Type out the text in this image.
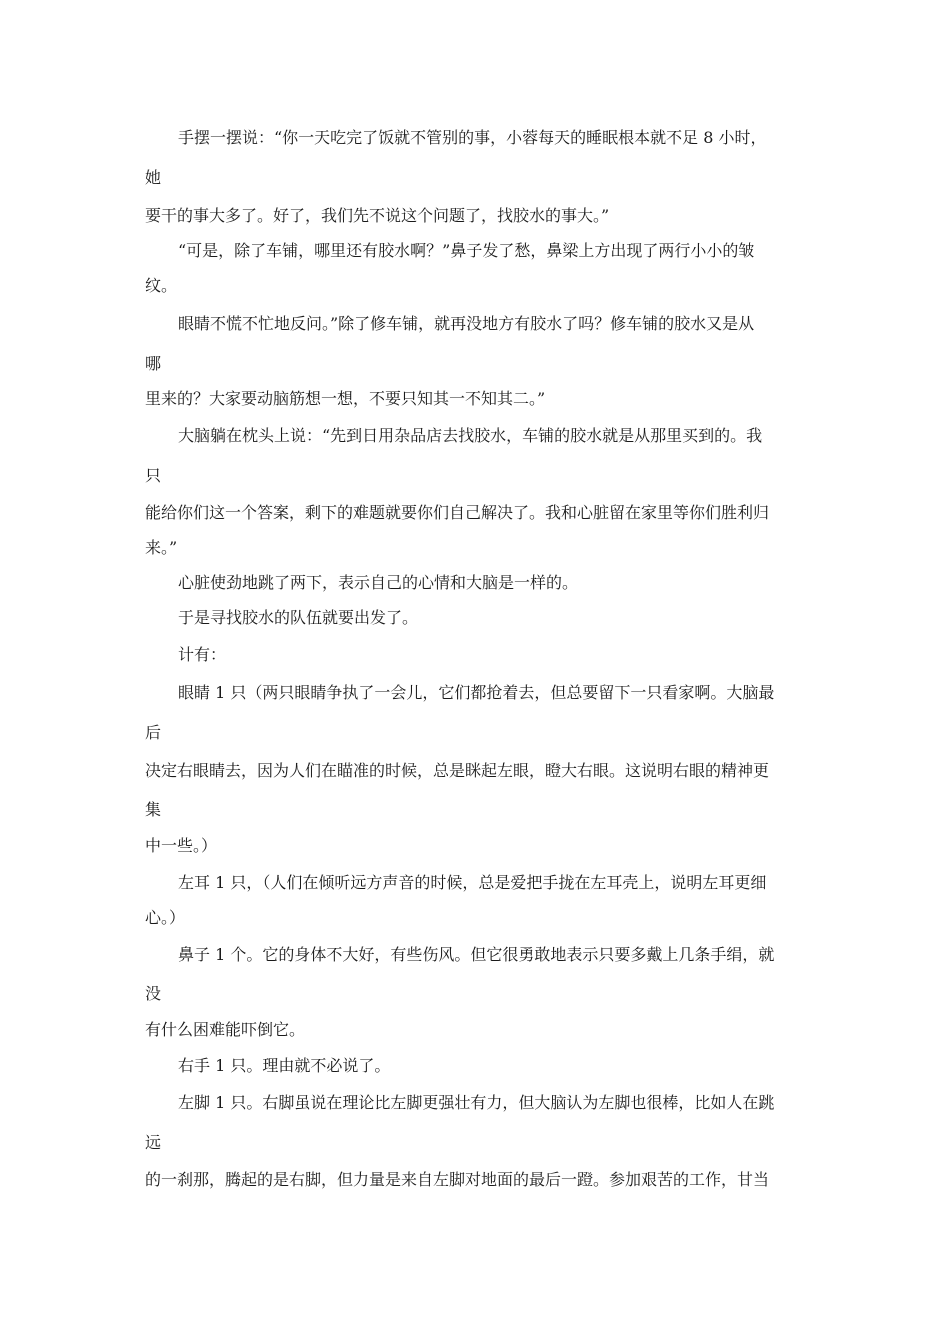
手摆一摆说：“你一天吃完了饭就不管别的事，小蓉每天的睡眠根本就不足 8 小时，
她
要干的事大多了。好了，我们先不说这个问题了，找胶水的事大。”
“可是，除了车铺，哪里还有胶水啊？”鼻子发了愁，鼻梁上方出现了两行小小的皱
纹。
眼睛不慌不忙地反问。”除了修车铺，就再没地方有胶水了吗？修车铺的胶水又是从
哪
里来的？大家要动脑筋想一想，不要只知其一不知其二。”
大脑躺在枕头上说：“先到日用杂品店去找胶水，车铺的胶水就是从那里买到的。我
只
能给你们这一个答案，剩下的难题就要你们自己解决了。我和心脏留在家里等你们胜利归
来。”
心脏使劲地跳了两下，表示自己的心情和大脑是一样的。
于是寻找胶水的队伍就要出发了。
计有：
眼睛 1 只（两只眼睛争执了一会儿，它们都抢着去，但总要留下一只看家啊。大脑最
后
决定右眼睛去，因为人们在瞄准的时候，总是眯起左眼，瞪大右眼。这说明右眼的精神更
集
中一些。）
左耳 1 只，（人们在倾听远方声音的时候，总是爱把手拢在左耳壳上，说明左耳更细
心。）
鼻子 1 个。它的身体不大好，有些伤风。但它很勇敢地表示只要多戴上几条手绢，就
没
有什么困难能吓倒它。
右手 1 只。理由就不必说了。
左脚 1 只。右脚虽说在理论比左脚更强壮有力，但大脑认为左脚也很棒，比如人在跳
远
的一刹那，腾起的是右脚，但力量是来自左脚对地面的最后一蹬。参加艰苦的工作，甘当
